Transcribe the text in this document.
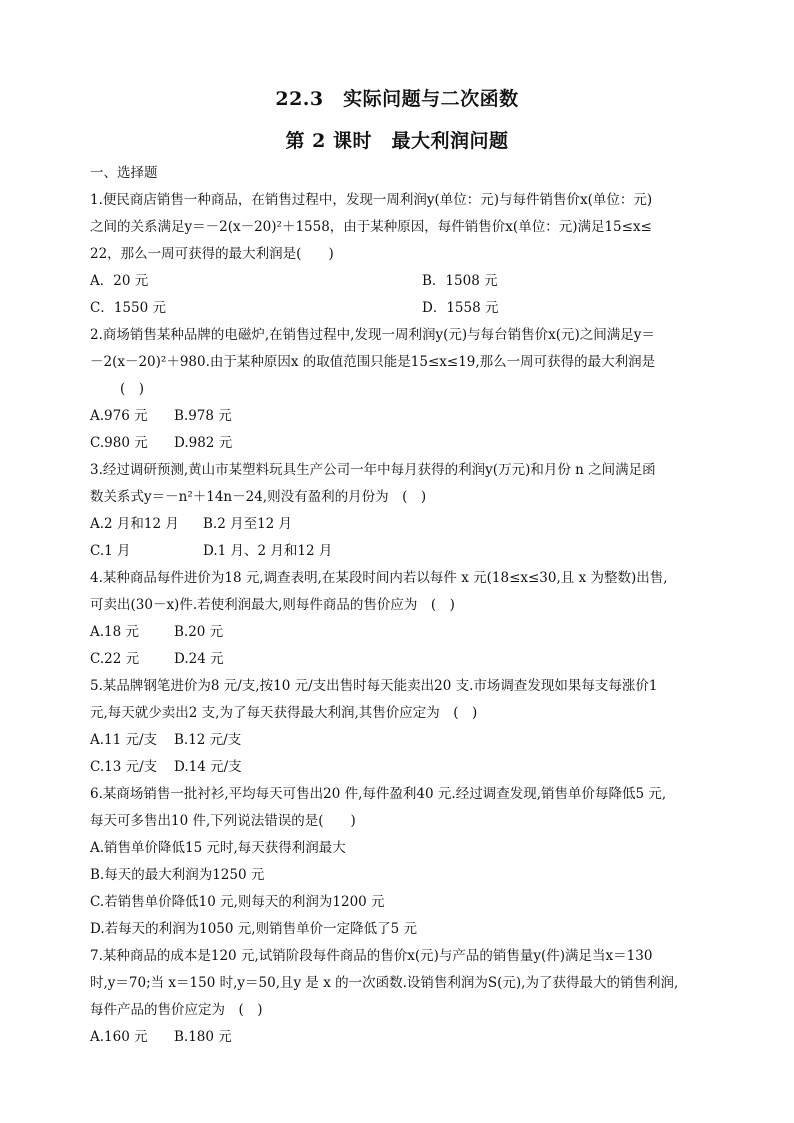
22.3　实际问题与二次函数
第 2 课时　最大利润问题
一、选择题
1.便民商店销售一种商品，在销售过程中，发现一周利润y(单位：元)与每件销售价x(单位：元)
之间的关系满足y＝－2(x－20)²＋1558，由于某种原因，每件销售价x(单位：元)满足15≤x≤
22，那么一周可获得的最大利润是(　　)
A．20 元	B．1508 元
C．1550 元	D．1558 元
2.商场销售某种品牌的电磁炉,在销售过程中,发现一周利润y(元)与每台销售价x(元)之间满足y＝
－2(x－20)²＋980.由于某种原因x 的取值范围只能是15≤x≤19,那么一周可获得的最大利润是
(　)
A.976 元	B.978 元
C.980 元	D.982 元
3.经过调研预测,黄山市某塑料玩具生产公司一年中每月获得的利润y(万元)和月份 n 之间满足函
数关系式y＝－n²＋14n－24,则没有盈利的月份为　(　)
A.2 月和12 月	B.2 月至12 月
C.1 月	D.1 月、2 月和12 月
4.某种商品每件进价为18 元,调查表明,在某段时间内若以每件 x 元(18≤x≤30,且 x 为整数)出售,
可卖出(30－x)件.若使利润最大,则每件商品的售价应为　(　)
A.18 元	B.20 元
C.22 元	D.24 元
5.某品牌钢笔进价为8 元/支,按10 元/支出售时每天能卖出20 支.市场调查发现如果每支每涨价1
元,每天就少卖出2 支,为了每天获得最大利润,其售价应定为　(　)
A.11 元/支	B.12 元/支
C.13 元/支	D.14 元/支
6.某商场销售一批衬衫,平均每天可售出20 件,每件盈利40 元.经过调查发现,销售单价每降低5 元,
每天可多售出10 件,下列说法错误的是(　　)
A.销售单价降低15 元时,每天获得利润最大
B.每天的最大利润为1250 元
C.若销售单价降低10 元,则每天的利润为1200 元
D.若每天的利润为1050 元,则销售单价一定降低了5 元
7.某种商品的成本是120 元,试销阶段每件商品的售价x(元)与产品的销售量y(件)满足当x＝130
时,y＝70;当 x＝150 时,y＝50,且y 是 x 的一次函数.设销售利润为S(元),为了获得最大的销售利润,
每件产品的售价应定为　(　)
A.160 元	B.180 元
